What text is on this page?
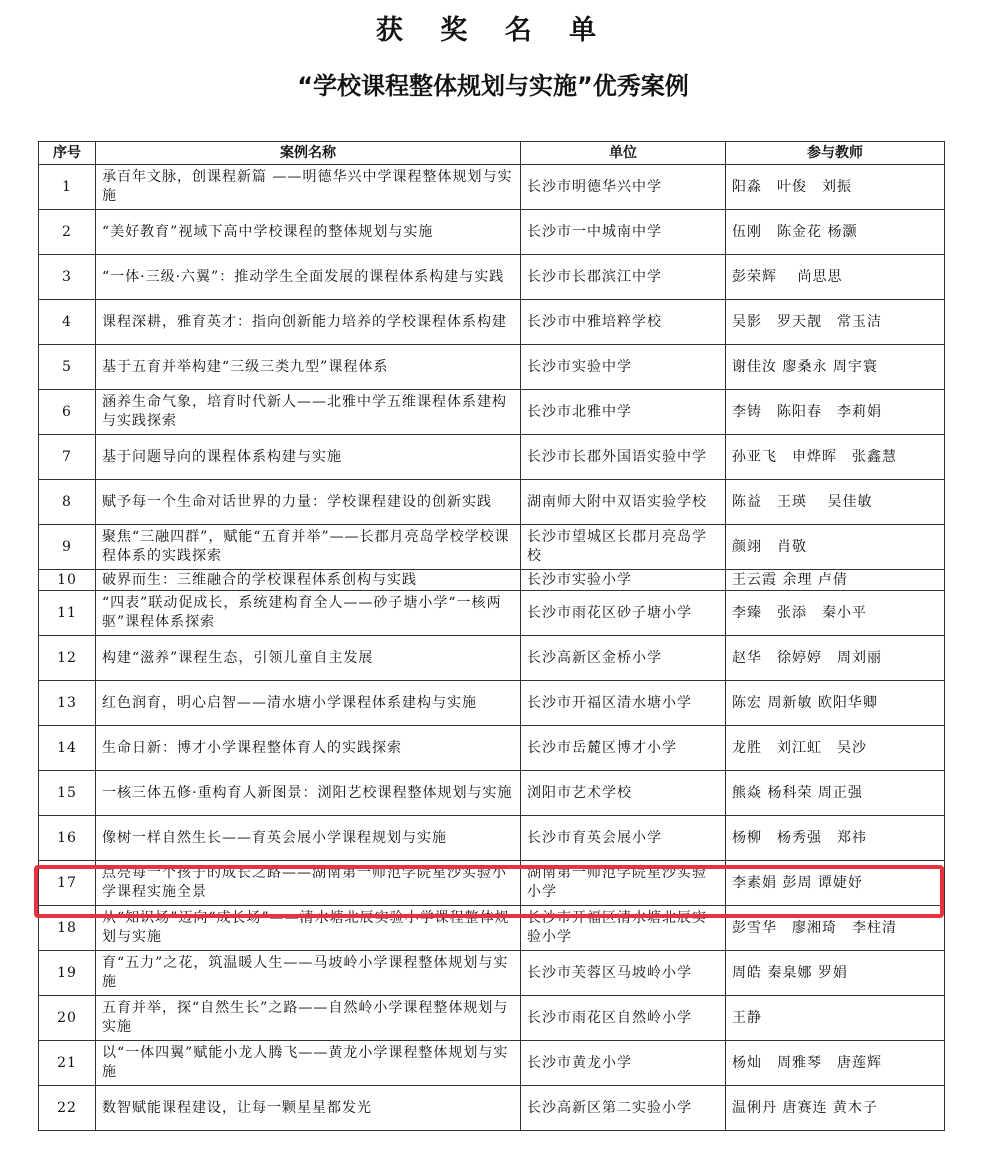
获 奖 名 单
“学校课程整体规划与实施”优秀案例
序号	案例名称	单位	参与教师
1	承百年文脉，创课程新篇 ——明德华兴中学课程整体规划与实施	长沙市明德华兴中学	阳淼　叶俊　刘振
2	“美好教育”视域下高中学校课程的整体规划与实施	长沙市一中城南中学	伍刚　陈金花 杨灏
3	“一体·三级·六翼”：推动学生全面发展的课程体系构建与实践	长沙市长郡滨江中学	彭荣辉　 尚思思
4	课程深耕，雅育英才：指向创新能力培养的学校课程体系构建	长沙市中雅培粹学校	吴影　罗天靓　常玉洁
5	基于五育并举构建“三级三类九型”课程体系	长沙市实验中学	谢佳汝 廖桑永 周宇寰
6	涵养生命气象，培育时代新人——北雅中学五维课程体系建构与实践探索	长沙市北雅中学	李铸　陈阳春　李莉娟
7	基于问题导向的课程体系构建与实施	长沙市长郡外国语实验中学	孙亚飞　申烨晖　张鑫慧
8	赋予每一个生命对话世界的力量：学校课程建设的创新实践	湖南师大附中双语实验学校	陈益　王瑛　 吴佳敏
9	聚焦“三融四群”，赋能“五育并举”——长郡月亮岛学校学校课程体系的实践探索	长沙市望城区长郡月亮岛学校	颜翊　肖敬
10	破界而生：三维融合的学校课程体系创构与实践	长沙市实验小学	王云霞 余理 卢倩
11	“四表”联动促成长，系统建构育全人——砂子塘小学“一核两驱”课程体系探索	长沙市雨花区砂子塘小学	李臻　张添　秦小平
12	构建“滋养”课程生态，引领儿童自主发展	长沙高新区金桥小学	赵华　徐婷婷　周刘丽
13	红色润育，明心启智——清水塘小学课程体系建构与实施	长沙市开福区清水塘小学	陈宏 周新敏 欧阳华卿
14	生命日新：博才小学课程整体育人的实践探索	长沙市岳麓区博才小学	龙胜　刘江虹　吴沙
15	一核三体五修·重构育人新图景：浏阳艺校课程整体规划与实施	浏阳市艺术学校	熊焱 杨科荣 周正强
16	像树一样自然生长——育英会展小学课程规划与实施	长沙市育英会展小学	杨柳　杨秀强　郑祎
17	点亮每一个孩子的成长之路——湖南第一师范学院星沙实验小学课程实施全景	湖南第一师范学院星沙实验小学	李素娟 彭周 谭婕妤
18	从“知识场”迈向“成长场”——清水塘北辰实验小学课程整体规划与实施	长沙市开福区清水塘北辰实验小学	彭雪华　廖湘琦　李柱清
19	育“五力”之花，筑温暖人生——马坡岭小学课程整体规划与实施	长沙市芙蓉区马坡岭小学	周皓 秦臬娜 罗娟
20	五育并举，探“自然生长”之路——自然岭小学课程整体规划与实施	长沙市雨花区自然岭小学	王静
21	以“一体四翼”赋能小龙人腾飞——黄龙小学课程整体规划与实施	长沙市黄龙小学	杨灿　周雅琴　唐莲辉
22	数智赋能课程建设，让每一颗星星都发光	长沙高新区第二实验小学	温俐丹 唐赛连 黄木子
